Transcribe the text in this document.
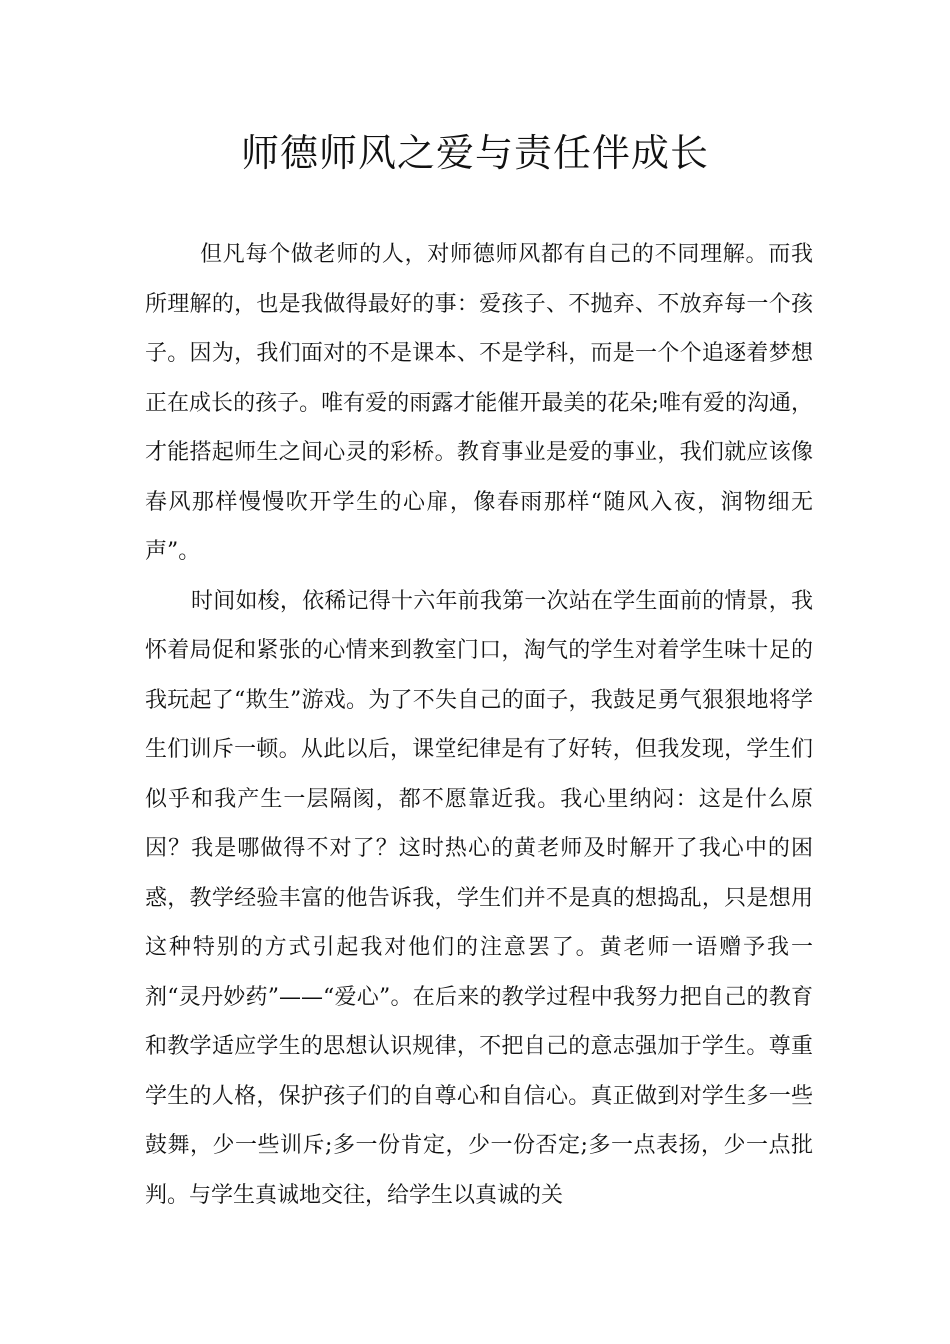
师德师风之爱与责任伴成长

但凡每个做老师的人，对师德师风都有自己的不同理解。而我所理解的，也是我做得最好的事：爱孩子、不抛弃、不放弃每一个孩子。因为，我们面对的不是课本、不是学科，而是一个个追逐着梦想正在成长的孩子。唯有爱的雨露才能催开最美的花朵;唯有爱的沟通，才能搭起师生之间心灵的彩桥。教育事业是爱的事业，我们就应该像春风那样慢慢吹开学生的心扉，像春雨那样“随风入夜，润物细无声”。

时间如梭，依稀记得十六年前我第一次站在学生面前的情景，我怀着局促和紧张的心情来到教室门口，淘气的学生对着学生味十足的我玩起了“欺生”游戏。为了不失自己的面子，我鼓足勇气狠狠地将学生们训斥一顿。从此以后，课堂纪律是有了好转，但我发现，学生们似乎和我产生一层隔阂，都不愿靠近我。我心里纳闷：这是什么原因？我是哪做得不对了？这时热心的黄老师及时解开了我心中的困惑，教学经验丰富的他告诉我，学生们并不是真的想捣乱，只是想用这种特别的方式引起我对他们的注意罢了。黄老师一语赠予我一剂“灵丹妙药”——“爱心”。在后来的教学过程中我努力把自己的教育和教学适应学生的思想认识规律，不把自己的意志强加于学生。尊重学生的人格，保护孩子们的自尊心和自信心。真正做到对学生多一些鼓舞，少一些训斥;多一份肯定，少一份否定;多一点表扬，少一点批判。与学生真诚地交往，给学生以真诚的关
